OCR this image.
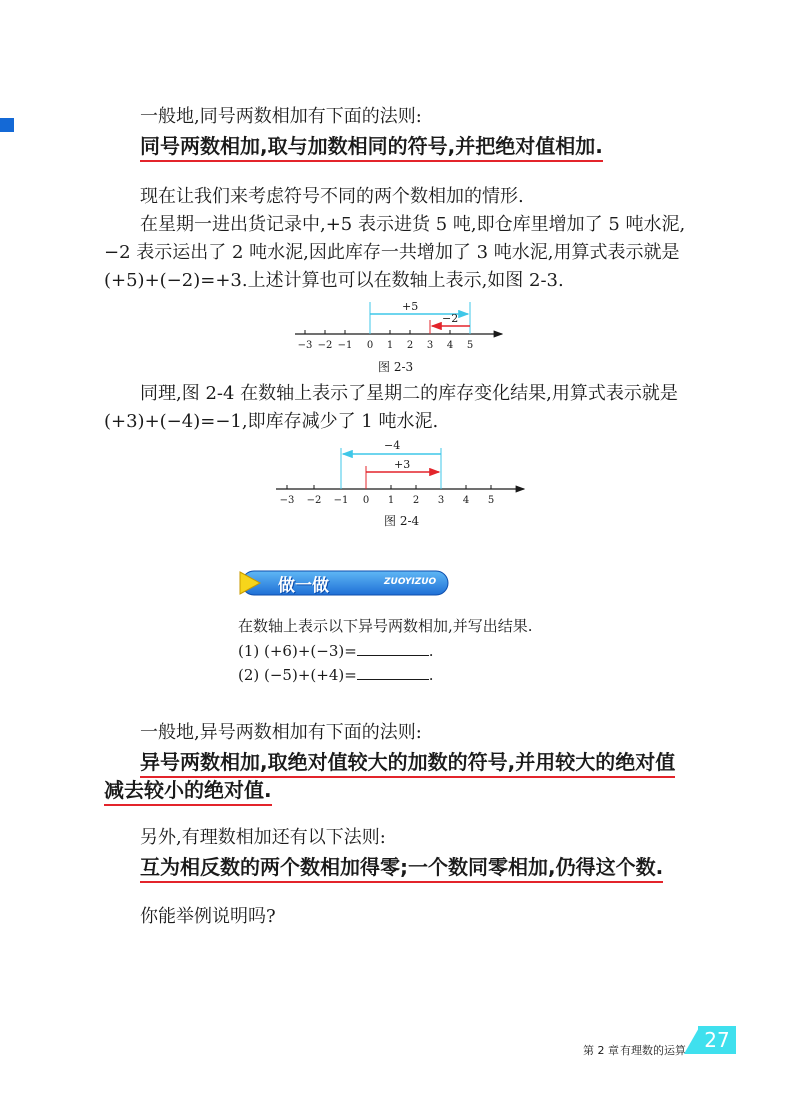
一般地,同号两数相加有下面的法则:
同号两数相加,取与加数相同的符号,并把绝对值相加.
现在让我们来考虑符号不同的两个数相加的情形.
在星期一进出货记录中,+5 表示进货 5 吨,即仓库里增加了 5 吨水泥,
−2 表示运出了 2 吨水泥,因此库存一共增加了 3 吨水泥,用算式表示就是
(+5)+(−2)=+3.上述计算也可以在数轴上表示,如图 2-3.
−3 −2 −1 0 1 2 3 4 5
+5
−2
图 2-3
同理,图 2-4 在数轴上表示了星期二的库存变化结果,用算式表示就是
(+3)+(−4)=−1,即库存减少了 1 吨水泥.
−3 −2 −1 0 1 2 3 4 5
−4
+3
图 2-4
做一做	ZUOYIZUO
在数轴上表示以下异号两数相加,并写出结果.
(1) (+6)+(−3)=	.
(2) (−5)+(+4)=	.
一般地,异号两数相加有下面的法则:
异号两数相加,取绝对值较大的加数的符号,并用较大的绝对值
减去较小的绝对值.
另外,有理数相加还有以下法则:
互为相反数的两个数相加得零;一个数同零相加,仍得这个数.
你能举例说明吗?
第 2 章 有理数的运算 27
